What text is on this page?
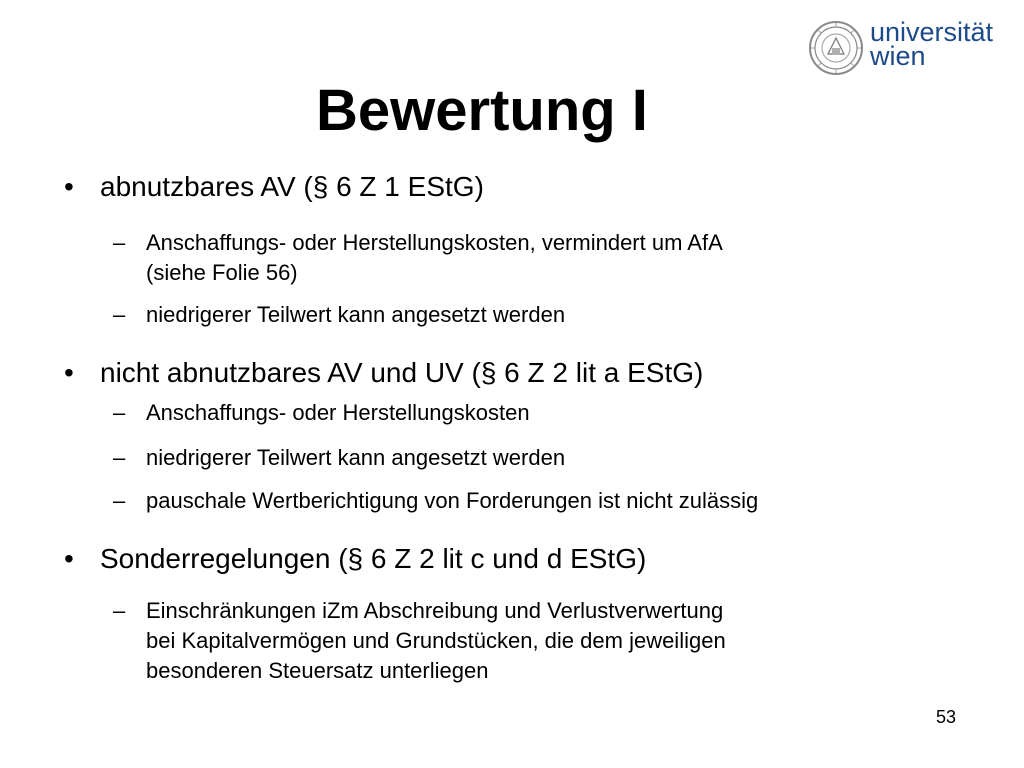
universität
wien
Bewertung I
• abnutzbares AV (§ 6 Z 1 EStG)
– Anschaffungs- oder Herstellungskosten, vermindert um AfA
(siehe Folie 56)
– niedrigerer Teilwert kann angesetzt werden
• nicht abnutzbares AV und UV (§ 6 Z 2 lit a EStG)
– Anschaffungs- oder Herstellungskosten
– niedrigerer Teilwert kann angesetzt werden
– pauschale Wertberichtigung von Forderungen ist nicht zulässig
• Sonderregelungen (§ 6 Z 2 lit c und d EStG)
– Einschränkungen iZm Abschreibung und Verlustverwertung
bei Kapitalvermögen und Grundstücken, die dem jeweiligen
besonderen Steuersatz unterliegen
53
